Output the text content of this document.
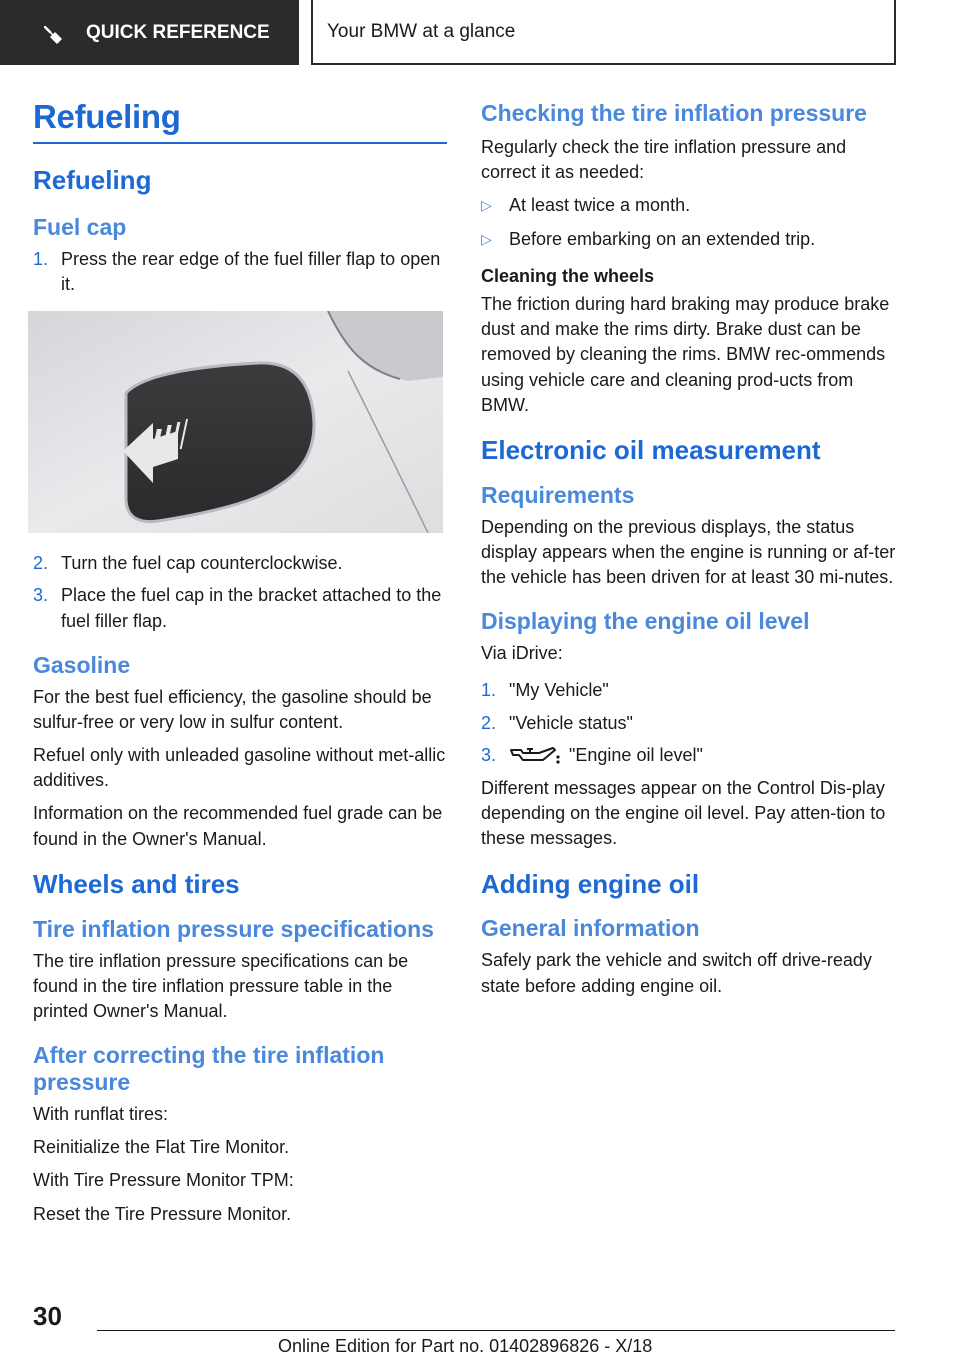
QUICK REFERENCE	Your BMW at a glance
Refueling
Refueling
Fuel cap
1. Press the rear edge of the fuel filler flap to open it.
2. Turn the fuel cap counterclockwise.
3. Place the fuel cap in the bracket attached to the fuel filler flap.
Gasoline

For the best fuel efficiency, the gasoline should be sulfur-free or very low in sulfur content.

Refuel only with unleaded gasoline without met‐allic additives.

Information on the recommended fuel grade can be found in the Owner's Manual.

Wheels and tires
Tire inflation pressure specifications

The tire inflation pressure specifications can be found in the tire inflation pressure table in the printed Owner's Manual.

After correcting the tire inflation pressure

With runflat tires:

Reinitialize the Flat Tire Monitor.

With Tire Pressure Monitor TPM:

Reset the Tire Pressure Monitor.

Checking the tire inflation pressure

Regularly check the tire inflation pressure and correct it as needed:

▷ At least twice a month.
▷ Before embarking on an extended trip.
Cleaning the wheels

The friction during hard braking may produce brake dust and make the rims dirty. Brake dust can be removed by cleaning the rims. BMW rec‐ommends using vehicle care and cleaning prod‐ucts from BMW.

Electronic oil measurement
Requirements

Depending on the previous displays, the status display appears when the engine is running or af‐ter the vehicle has been driven for at least 30 mi‐nutes.

Displaying the engine oil level

Via iDrive:

1. "My Vehicle"
2. "Vehicle status"
3.	"Engine oil level"

Different messages appear on the Control Dis‐play depending on the engine oil level. Pay atten‐tion to these messages.

Adding engine oil
General information

Safely park the vehicle and switch off drive-ready state before adding engine oil.

30
Online Edition for Part no. 01402896826 - X/18
